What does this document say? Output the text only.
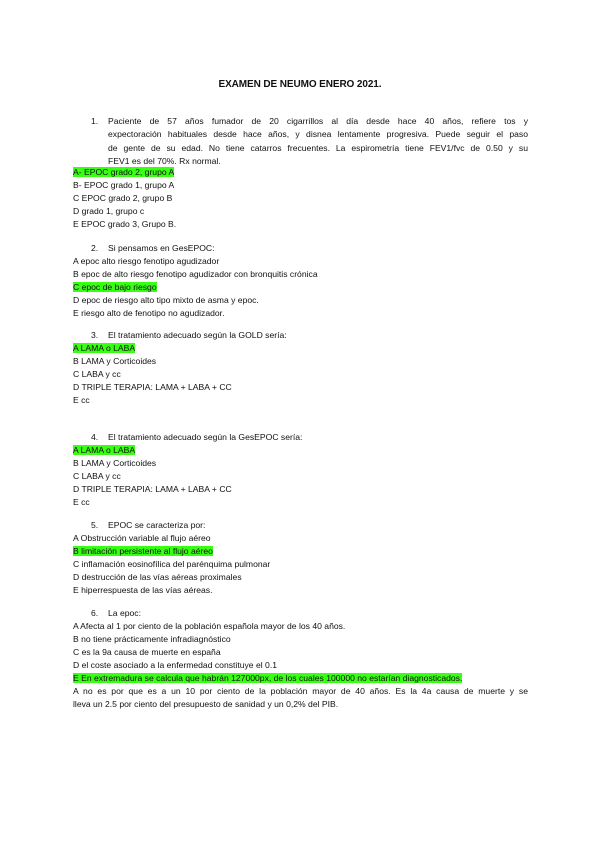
EXAMEN DE NEUMO ENERO 2021.
1. Paciente de 57 años fumador de 20 cigarrillos al día desde hace 40 años, refiere tos y
expectoración habituales desde hace años, y disnea lentamente progresiva. Puede seguir el paso
de gente de su edad. No tiene catarros frecuentes. La espirometría tiene FEV1/fvc de 0.50 y su
FEV1 es del 70%. Rx normal.
A- EPOC grado 2, grupo A
B- EPOC grado 1, grupo A
C EPOC grado 2, grupo B
D grado 1, grupo c
E EPOC grado 3, Grupo B.
2. Si pensamos en GesEPOC:
A epoc alto riesgo fenotipo agudizador
B epoc de alto riesgo fenotipo agudizador con bronquitis crónica
C epoc de bajo riesgo
D epoc de riesgo alto tipo mixto de asma y epoc.
E riesgo alto de fenotipo no agudizador.
3. El tratamiento adecuado según la GOLD sería:
A LAMA o LABA
B LAMA y Corticoides
C LABA y cc
D TRIPLE TERAPIA: LAMA + LABA + CC
E cc
4. El tratamiento adecuado según la GesEPOC sería:
A LAMA o LABA
B LAMA y Corticoides
C LABA y cc
D TRIPLE TERAPIA: LAMA + LABA + CC
E cc
5. EPOC se caracteriza por:
A Obstrucción variable al flujo aéreo
B limitación persistente al flujo aéreo
C inflamación eosinofílica del parénquima pulmonar
D destrucción de las vías aéreas proximales
E hiperrespuesta de las vías aéreas.
6. La epoc:
A Afecta al 1 por ciento de la población española mayor de los 40 años.
B no tiene prácticamente infradiagnóstico
C es la 9a causa de muerte en españa
D el coste asociado a la enfermedad constituye el 0.1
E En extremadura se calcula que habrán 127000px, de los cuales 100000 no estarían diagnosticados.
A no es por que es a un 10 por ciento de la población mayor de 40 años. Es la 4a causa de muerte y se
lleva un 2.5 por ciento del presupuesto de sanidad y un 0,2% del PIB.
